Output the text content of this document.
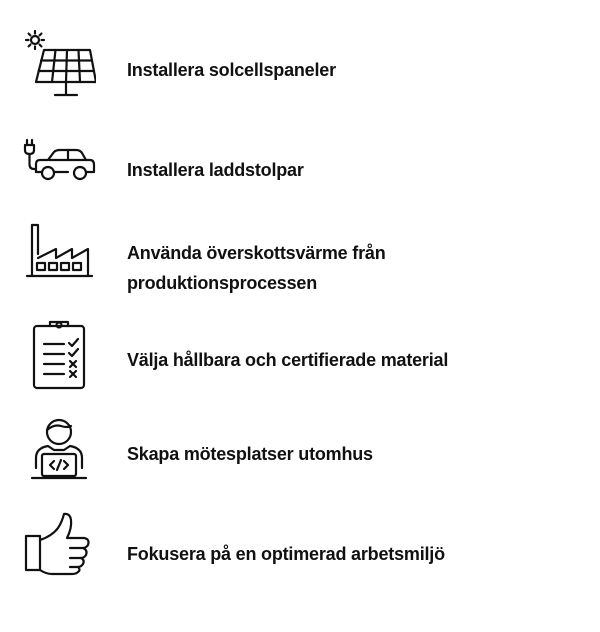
Installera solcellspaneler
Installera laddstolpar
Använda överskottsvärme från produktionsprocessen
Välja hållbara och certifierade material
Skapa mötesplatser utomhus
Fokusera på en optimerad arbetsmiljö
